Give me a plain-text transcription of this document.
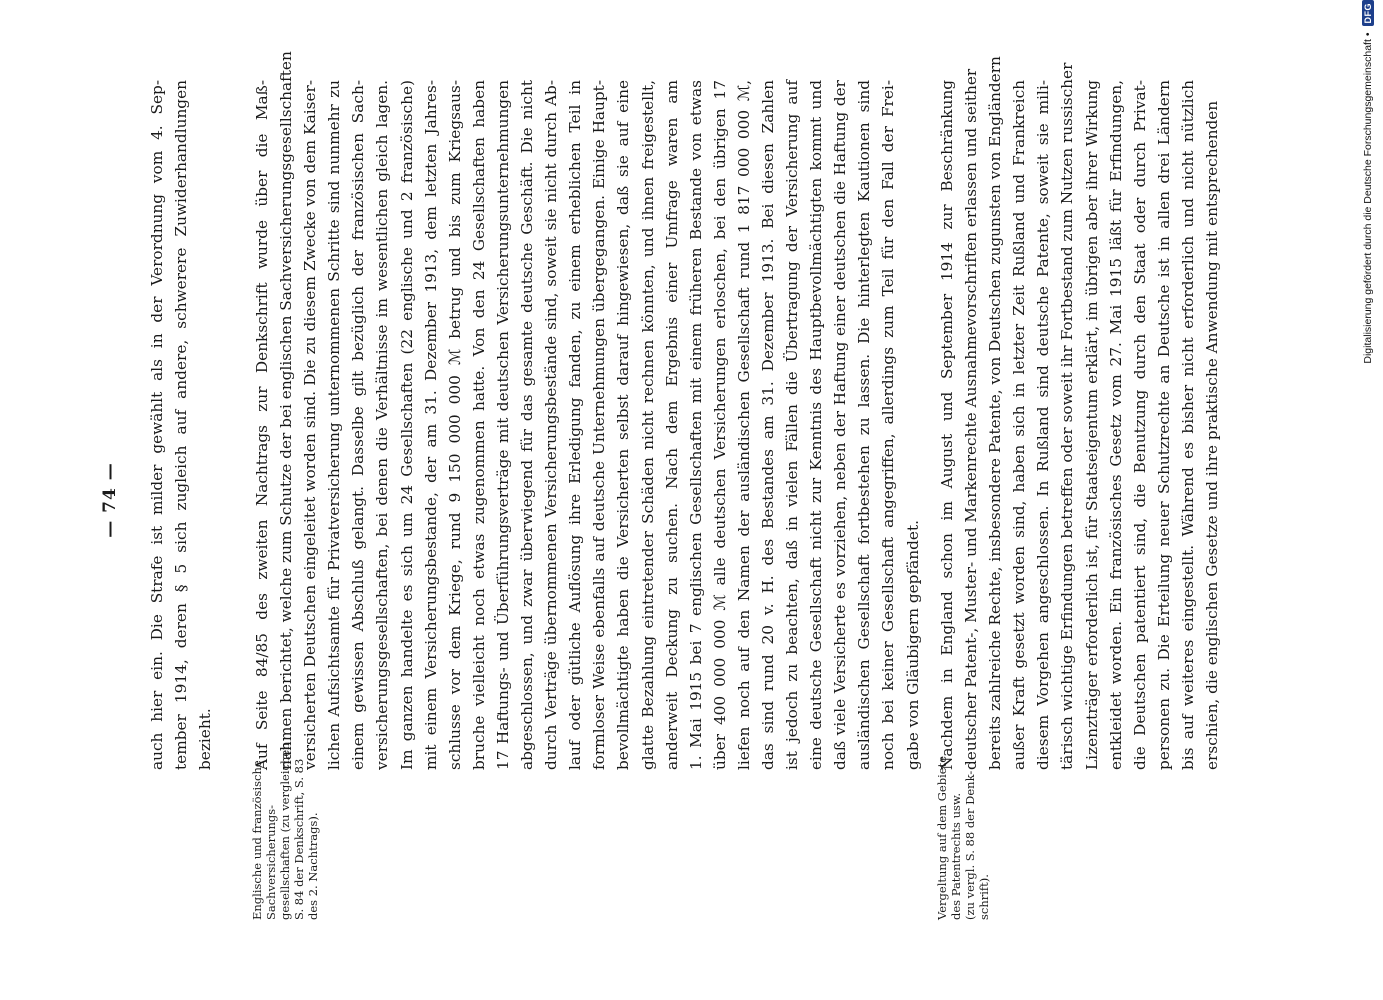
— 74 — auch hier ein. Die Strafe ist milder gewählt als in der Verordnung vom 4. Sep- tember 1914, deren § 5 sich zugleich auf andere, schwerere Zuwiderhandlungen bezieht.	Auf Seite 84/85 des zweiten Nachtrags zur Denkschrift wurde über die Maß- nahmen berichtet, welche zum Schutze der bei englischen Sachversicherungsgesellschaften versicherten Deutschen eingeleitet worden sind. Die zu diesem Zwecke von dem Kaiser- lichen Aufsichtsamte für Privatversicherung unternommenen Schritte sind nunmehr zu einem gewissen Abschluß gelangt. Dasselbe gilt bezüglich der französischen Sach- versicherungsgesellschaften, bei denen die Verhältnisse im wesentlichen gleich lagen. Im ganzen handelte es sich um 24 Gesellschaften (22 englische und 2 französische) mit einem Versicherungsbestande, der am 31. Dezember 1913, dem letzten Jahres- schlusse vor dem Kriege, rund 9 150 000 000 ℳ betrug und bis zum Kriegsaus- bruche vielleicht noch etwas zugenommen hatte. Von den 24 Gesellschaften haben 17 Haftungs- und Überführungsverträge mit deutschen Versicherungsunternehmungen abgeschlossen, und zwar überwiegend für das gesamte deutsche Geschäft. Die nicht durch Verträge übernommenen Versicherungsbestände sind, soweit sie nicht durch Ab- lauf oder gütliche Auflösung ihre Erledigung fanden, zu einem erheblichen Teil in formloser Weise ebenfalls auf deutsche Unternehmungen übergegangen. Einige Haupt- bevollmächtigte haben die Versicherten selbst darauf hingewiesen, daß sie auf eine glatte Bezahlung eintretender Schäden nicht rechnen könnten, und ihnen freigestellt, anderweit Deckung zu suchen. Nach dem Ergebnis einer Umfrage waren am 1. Mai 1915 bei 7 englischen Gesellschaften mit einem früheren Bestande von etwas über 400 000 000 ℳ alle deutschen Versicherungen erloschen, bei den übrigen 17 liefen noch auf den Namen der ausländischen Gesellschaft rund 1 817 000 000 ℳ, das sind rund 20 v. H. des Bestandes am 31. Dezember 1913. Bei diesen Zahlen ist jedoch zu beachten, daß in vielen Fällen die Übertragung der Versicherung auf eine deutsche Gesellschaft nicht zur Kenntnis des Hauptbevollmächtigten kommt und daß viele Versicherte es vorziehen, neben der Haftung einer deutschen die Haftung der ausländischen Gesellschaft fortbestehen zu lassen. Die hinterlegten Kautionen sind noch bei keiner Gesellschaft angegriffen, allerdings zum Teil für den Fall der Frei- gabe von Gläubigern gepfändet. Nachdem in England schon im August und September 1914 zur Beschränkung deutscher Patent-, Muster- und Markenrechte Ausnahmevorschriften erlassen und seither bereits zahlreiche Rechte, insbesondere Patente, von Deutschen zugunsten von Engländern außer Kraft gesetzt worden sind, haben sich in letzter Zeit Rußland und Frankreich diesem Vorgehen angeschlossen. In Rußland sind deutsche Patente, soweit sie mili- tärisch wichtige Erfindungen betreffen oder soweit ihr Fortbestand zum Nutzen russischer Lizenzträger erforderlich ist, für Staatseigentum erklärt, im übrigen aber ihrer Wirkung entkleidet worden. Ein französisches Gesetz vom 27. Mai 1915 läßt für Erfindungen, die Deutschen patentiert sind, die Benutzung durch den Staat oder durch Privat- personen zu. Die Erteilung neuer Schutzrechte an Deutsche ist in allen drei Ländern bis auf weiteres eingestellt. Während es bisher nicht erforderlich und nicht nützlich erschien, die englischen Gesetze und ihre praktische Anwendung mit entsprechenden
Englische und französische Sachversicherungs- gesellschaften (zu vergleichen S. 84 der Denkschrift, S. 83 des 2. Nachtrags).	Vergeltung auf dem Gebiete des Patentrechts usw. (zu vergl. S. 88 der Denk- schrift).
DFG
Digitalisierung gefördert durch die Deutsche Forschungsgemeinschaft •
